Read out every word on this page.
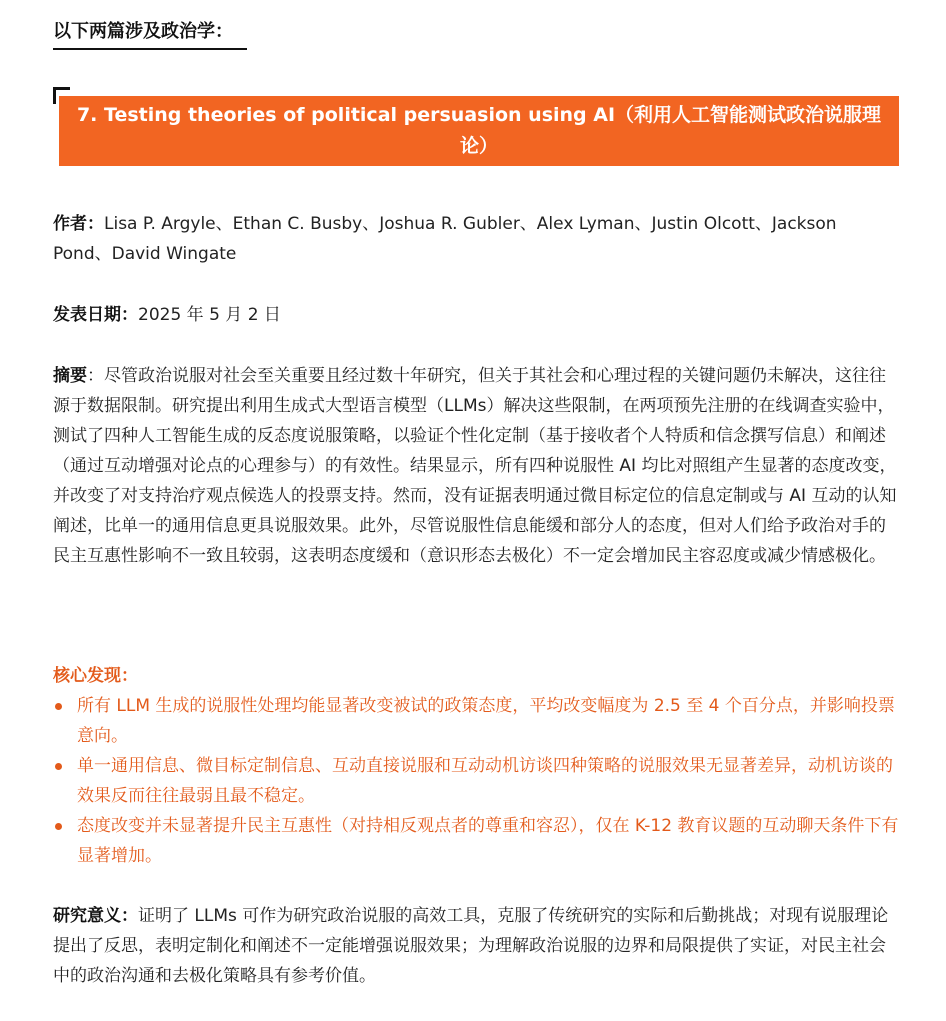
以下两篇涉及政治学：
7. Testing theories of political persuasion using AI（利用人工智能测试政治说服理论）
作者：Lisa P. Argyle、Ethan C. Busby、Joshua R. Gubler、Alex Lyman、Justin Olcott、Jackson Pond、David Wingate
发表日期：2025 年 5 月 2 日
摘要：尽管政治说服对社会至关重要且经过数十年研究，但关于其社会和心理过程的关键问题仍未解决，这往往源于数据限制。研究提出利用生成式大型语言模型（LLMs）解决这些限制，在两项预先注册的在线调查实验中，测试了四种人工智能生成的反态度说服策略，以验证个性化定制（基于接收者个人特质和信念撰写信息）和阐述（通过互动增强对论点的心理参与）的有效性。结果显示，所有四种说服性 AI 均比对照组产生显著的态度改变，并改变了对支持治疗观点候选人的投票支持。然而，没有证据表明通过微目标定位的信息定制或与 AI 互动的认知阐述，比单一的通用信息更具说服效果。此外，尽管说服性信息能缓和部分人的态度，但对人们给予政治对手的民主互惠性影响不一致且较弱，这表明态度缓和（意识形态去极化）不一定会增加民主容忍度或减少情感极化。
核心发现：
所有 LLM 生成的说服性处理均能显著改变被试的政策态度，平均改变幅度为 2.5 至 4 个百分点，并影响投票意向。
单一通用信息、微目标定制信息、互动直接说服和互动动机访谈四种策略的说服效果无显著差异，动机访谈的效果反而往往最弱且最不稳定。
态度改变并未显著提升民主互惠性（对持相反观点者的尊重和容忍），仅在 K-12 教育议题的互动聊天条件下有显著增加。
研究意义：证明了 LLMs 可作为研究政治说服的高效工具，克服了传统研究的实际和后勤挑战；对现有说服理论提出了反思，表明定制化和阐述不一定能增强说服效果；为理解政治说服的边界和局限提供了实证，对民主社会中的政治沟通和去极化策略具有参考价值。
